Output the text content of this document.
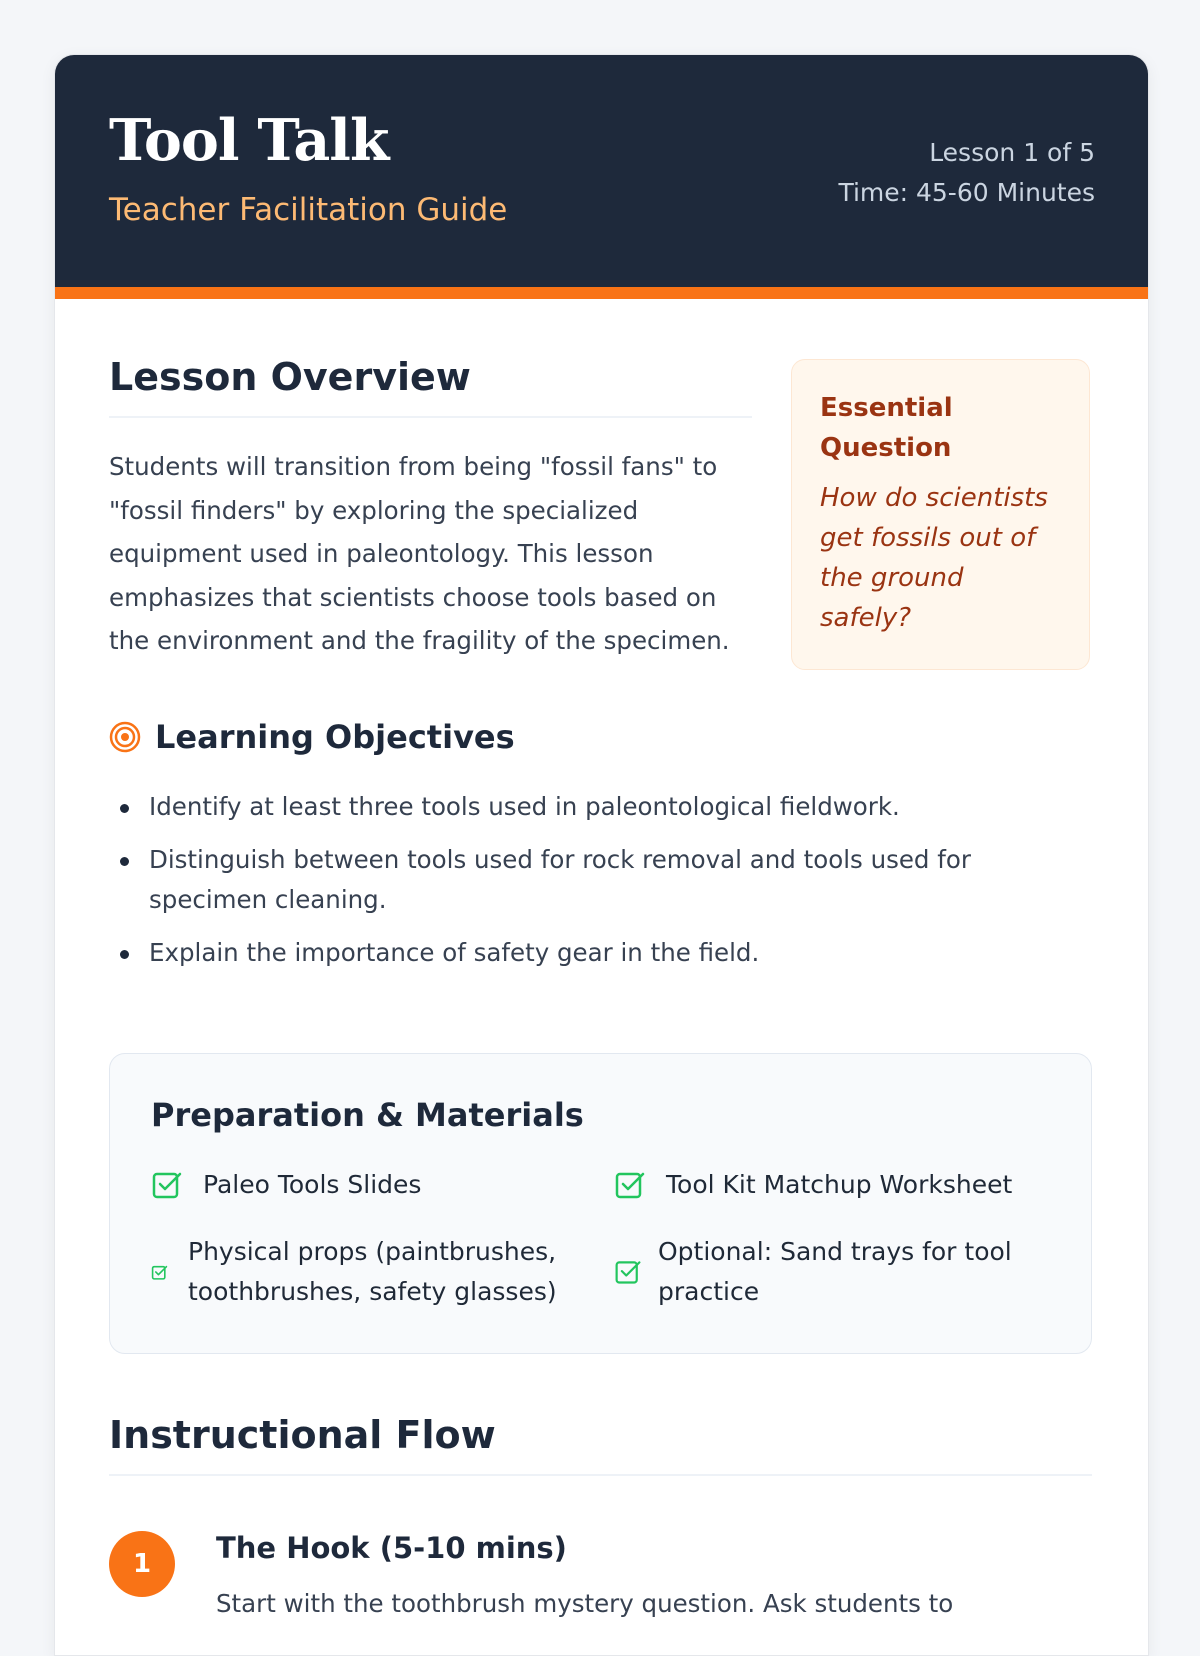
Tool Talk
Teacher Facilitation Guide
Lesson 1 of 5
Time: 45-60 Minutes
Lesson Overview
Students will transition from being "fossil fans" to "fossil finders" by exploring the specialized equipment used in paleontology. This lesson emphasizes that scientists choose tools based on the environment and the fragility of the specimen.
Essential Question
How do scientists get fossils out of the ground safely?
Learning Objectives
Identify at least three tools used in paleontological fieldwork.
Distinguish between tools used for rock removal and tools used for specimen cleaning.
Explain the importance of safety gear in the field.
Preparation & Materials
Paleo Tools Slides	Tool Kit Matchup Worksheet
Physical props (paintbrushes, toothbrushes, safety glasses)
Optional: Sand trays for tool practice
Instructional Flow
1	The Hook (5-10 mins)
Start with the toothbrush mystery question. Ask students to
